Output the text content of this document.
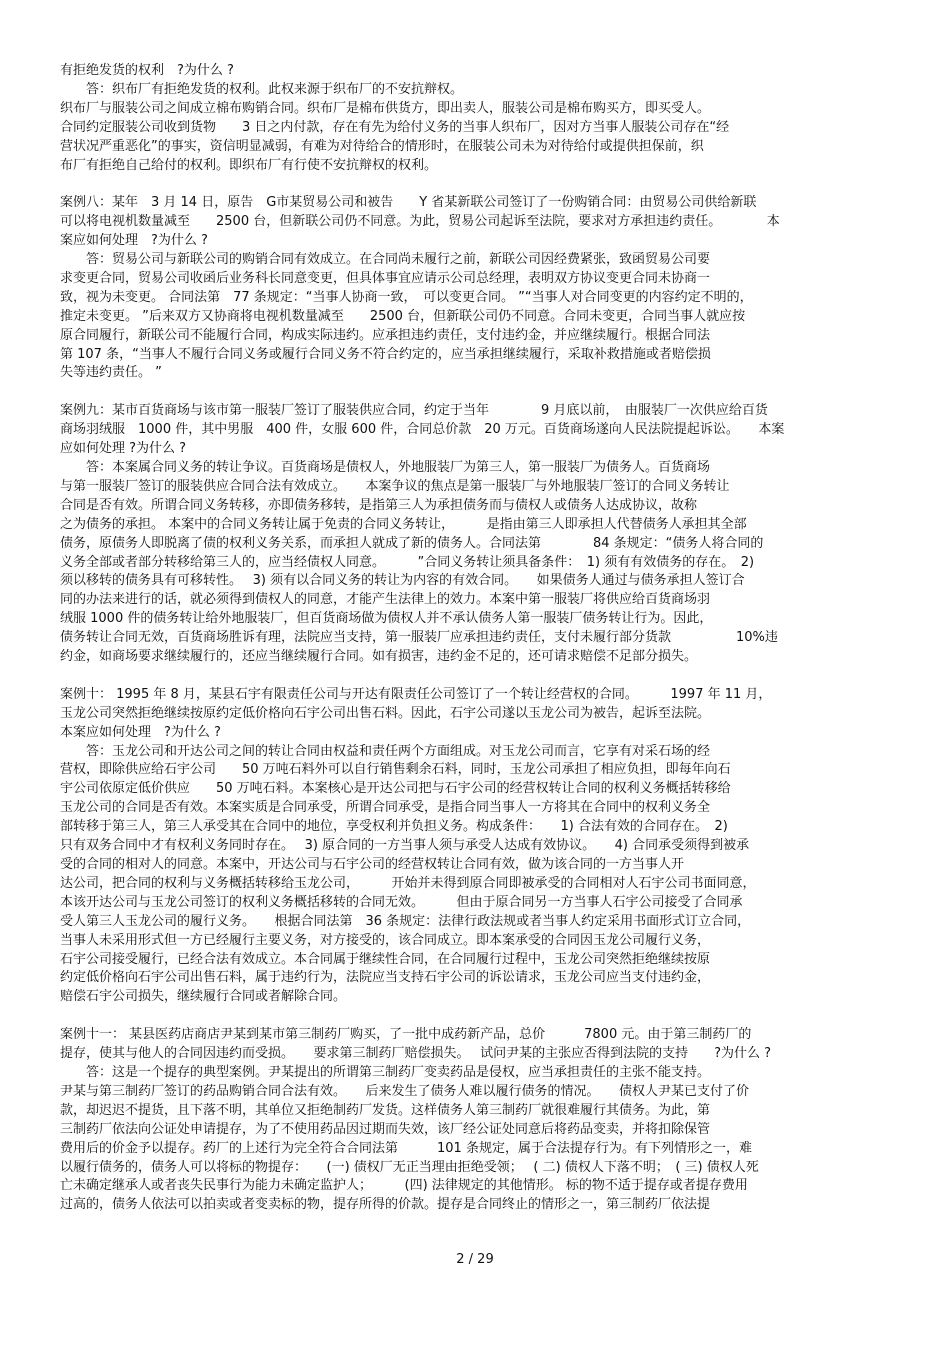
有拒绝发货的权利　?为什么 ?
　　答：织布厂有拒绝发货的权利。此权来源于织布厂的不安抗辩权。
织布厂与服装公司之间成立棉布购销合同。织布厂是棉布供货方，即出卖人，服装公司是棉布购买方，即买受人。
合同约定服装公司收到货物　　3 日之内付款，存在有先为给付义务的当事人织布厂，因对方当事人服装公司存在“经
营状况严重恶化”的事实，资信明显减弱，有难为对待给合的情形时，在服装公司未为对待给付或提供担保前，织
布厂有拒绝自己给付的权利。即织布厂有行使不安抗辩权的权利。
案例八：某年　3 月 14 日，原告　G市某贸易公司和被告　　Y 省某新联公司签订了一份购销合同：由贸易公司供给新联
可以将电视机数量减至　　2500 台，但新联公司仍不同意。为此，贸易公司起诉至法院，要求对方承担违约责任。　　　　本
案应如何处理　?为什么 ?
　　答：贸易公司与新联公司的购销合同有效成立。在合同尚未履行之前，新联公司因经费紧张，致函贸易公司要
求变更合同，贸易公司收函后业务科长同意变更，但具体事宜应请示公司总经理，表明双方协议变更合同未协商一
致，视为未变更。 合同法第　77 条规定：“当事人协商一致，　可以变更合同。 ”“当事人对合同变更的内容约定不明的，
推定未变更。 ”后来双方又协商将电视机数量减至　　2500 台，但新联公司仍不同意。合同未变更，合同当事人就应按
原合同履行，新联公司不能履行合同，构成实际违约。应承担违约责任，支付违约金，并应继续履行。根据合同法
第 107 条，“当事人不履行合同义务或履行合同义务不符合约定的，应当承担继续履行，采取补救措施或者赔偿损
失等违约责任。 ”
案例九：某市百货商场与该市第一服装厂签订了服装供应合同，约定于当年　　　　9 月底以前，　由服装厂一次供应给百货
商场羽绒服　1000 件，其中男服　400 件，女服 600 件，合同总价款　20 万元。百货商场遂向人民法院提起诉讼。　　本案
应如何处理 ?为什么 ?
　　答：本案属合同义务的转让争议。百货商场是债权人，外地服装厂为第三人，第一服装厂为债务人。百货商场
与第一服装厂签订的服装供应合同合法有效成立。　　本案争议的焦点是第一服装厂与外地服装厂签订的合同义务转让
合同是否有效。所谓合同义务转移，亦即债务移转，是指第三人为承担债务而与债权人或债务人达成协议，故称
之为债务的承担。 本案中的合同义务转让属于免责的合同义务转让，　　　是指由第三人即承担人代替债务人承担其全部
债务，原债务人即脱离了债的权利义务关系，而承担人就成了新的债务人。合同法第　　　　84 条规定：“债务人将合同的
义务全部或者部分转移给第三人的，应当经债权人同意。　　　”合同义务转让须具备条件：　1) 须有有效债务的存在。　2)
须以移转的债务具有可移转性。　 3) 须有以合同义务的转让为内容的有效合同。　　如果债务人通过与债务承担人签订合
同的办法来进行的话，就必须得到债权人的同意，才能产生法律上的效力。本案中第一服装厂将供应给百货商场羽
绒服 1000 件的债务转让给外地服装厂，但百货商场做为债权人并不承认债务人第一服装厂债务转让行为。因此，
债务转让合同无效，百货商场胜诉有理，法院应当支持，第一服装厂应承担违约责任，支付未履行部分货款　　　　　10%违
约金，如商场要求继续履行的，还应当继续履行合同。如有损害，违约金不足的，还可请求赔偿不足部分损失。
案例十： 1995 年 8 月，某县石宇有限责任公司与开达有限责任公司签订了一个转让经营权的合同。　　　1997 年 11 月，
玉龙公司突然拒绝继续按原约定低价格向石宇公司出售石料。因此，石宇公司遂以玉龙公司为被告，起诉至法院。
本案应如何处理　?为什么 ?
　　答：玉龙公司和开达公司之间的转让合同由权益和责任两个方面组成。对玉龙公司而言，它享有对采石场的经
营权，即除供应给石宇公司　　50 万吨石料外可以自行销售剩余石料，同时，玉龙公司承担了相应负担，即每年向石
宇公司依原定低价供应　　50 万吨石料。本案核心是开达公司把与石宇公司的经营权转让合同的权利义务概括转移给
玉龙公司的合同是否有效。本案实质是合同承受，所谓合同承受，是指合同当事人一方将其在合同中的权利义务全
部转移于第三人，第三人承受其在合同中的地位，享受权利并负担义务。构成条件：　　1) 合法有效的合同存在。　2)
只有双务合同中才有权利义务同时存在。　 3) 原合同的一方当事人须与承受人达成有效协议。　　4) 合同承受须得到被承
受的合同的相对人的同意。本案中，开达公司与石宇公司的经营权转让合同有效，做为该合同的一方当事人开
达公司，把合同的权利与义务概括转移给玉龙公司，　　　开始并未得到原合同即被承受的合同相对人石宇公司书面同意，
本该开达公司与玉龙公司签订的权利义务概括移转的合同无效。　　　但由于原合同另一方当事人石宇公司接受了合同承
受人第三人玉龙公司的履行义务。　　根据合同法第　36 条规定：法律行政法规或者当事人约定采用书面形式订立合同，
当事人未采用形式但一方已经履行主要义务，对方接受的，该合同成立。即本案承受的合同因玉龙公司履行义务，
石宇公司接受履行，已经合法有效成立。本合同属于继续性合同，在合同履行过程中，玉龙公司突然拒绝继续按原
约定低价格向石宇公司出售石料，属于违约行为，法院应当支持石宇公司的诉讼请求，玉龙公司应当支付违约金，
赔偿石宇公司损失，继续履行合同或者解除合同。
案例十一： 某县医药店商店尹某到某市第三制药厂购买，了一批中成药新产品，总价　　　7800 元。由于第三制药厂的
提存，使其与他人的合同因违约而受损。　　要求第三制药厂赔偿损失。　 试问尹某的主张应否得到法院的支持　　?为什么 ?
　　答：这是一个提存的典型案例。尹某提出的所谓第三制药厂变卖药品是侵权，应当承担责任的主张不能支持。
尹某与第三制药厂签订的药品购销合同合法有效。　　后来发生了债务人难以履行债务的情况。　　债权人尹某已支付了价
款，却迟迟不提货，且下落不明，其单位又拒绝制药厂发货。这样债务人第三制药厂就很难履行其债务。为此，第
三制药厂依法向公证处申请提存，为了不使用药品因过期而失效，该厂经公证处同意后将药品变卖，并将扣除保管
费用后的价金予以提存。药厂的上述行为完全符合合同法第　　　101 条规定，属于合法提存行为。有下列情形之一，难
以履行债务的，债务人可以将标的物提存：　　(一) 债权厂无正当理由拒绝受领；　 ( 二) 债权人下落不明；　( 三) 债权人死
亡未确定继承人或者丧失民事行为能力未确定监护人；　　　(四) 法律规定的其他情形。 标的物不适于提存或者提存费用
过高的，债务人依法可以拍卖或者变卖标的物，提存所得的价款。提存是合同终止的情形之一，第三制药厂依法提
2 / 29
